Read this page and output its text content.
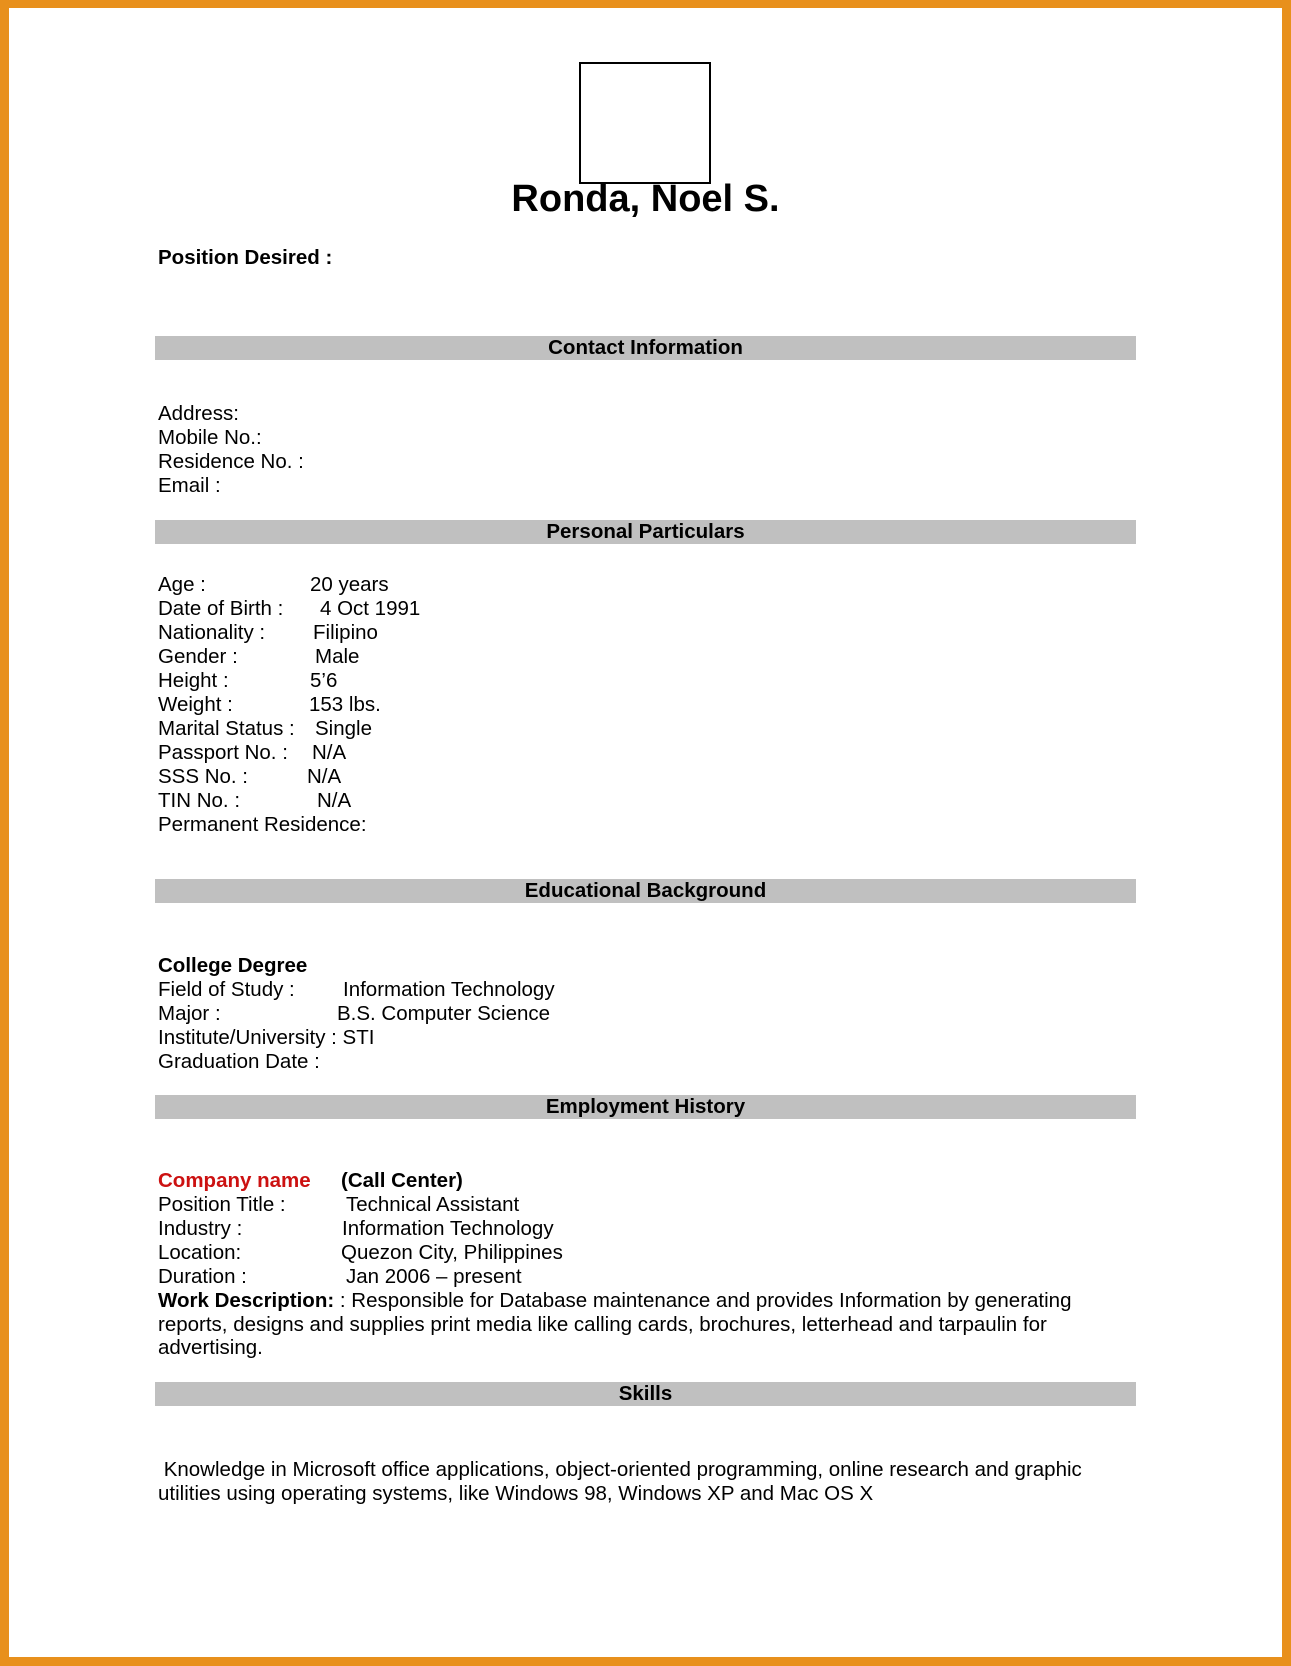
Ronda, Noel S.
Position Desired :
Contact Information
Address:
Mobile No.:
Residence No. :
Email :
Personal Particulars
Age :	20 years
Date of Birth : 4 Oct 1991
Nationality : Filipino
Gender :	Male
Height :	5’6
Weight :	153 lbs.
Marital Status : Single
Passport No. : N/A
SSS No. :	N/A
TIN No. :	N/A
Permanent Residence:
Educational Background
College Degree
Field of Study : Information Technology
Major :	B.S. Computer Science
Institute/University : STI
Graduation Date :
Employment History
Company name (Call Center)
Position Title :	Technical Assistant
Industry :	Information Technology
Location:	Quezon City, Philippines
Duration :	Jan 2006 – present
Work Description: : Responsible for Database maintenance and provides Information by generating reports, designs and supplies print media like calling cards, brochures, letterhead and tarpaulin for advertising.
Skills
Knowledge in Microsoft office applications, object-oriented programming, online research and graphic utilities using operating systems, like Windows 98, Windows XP and Mac OS X
